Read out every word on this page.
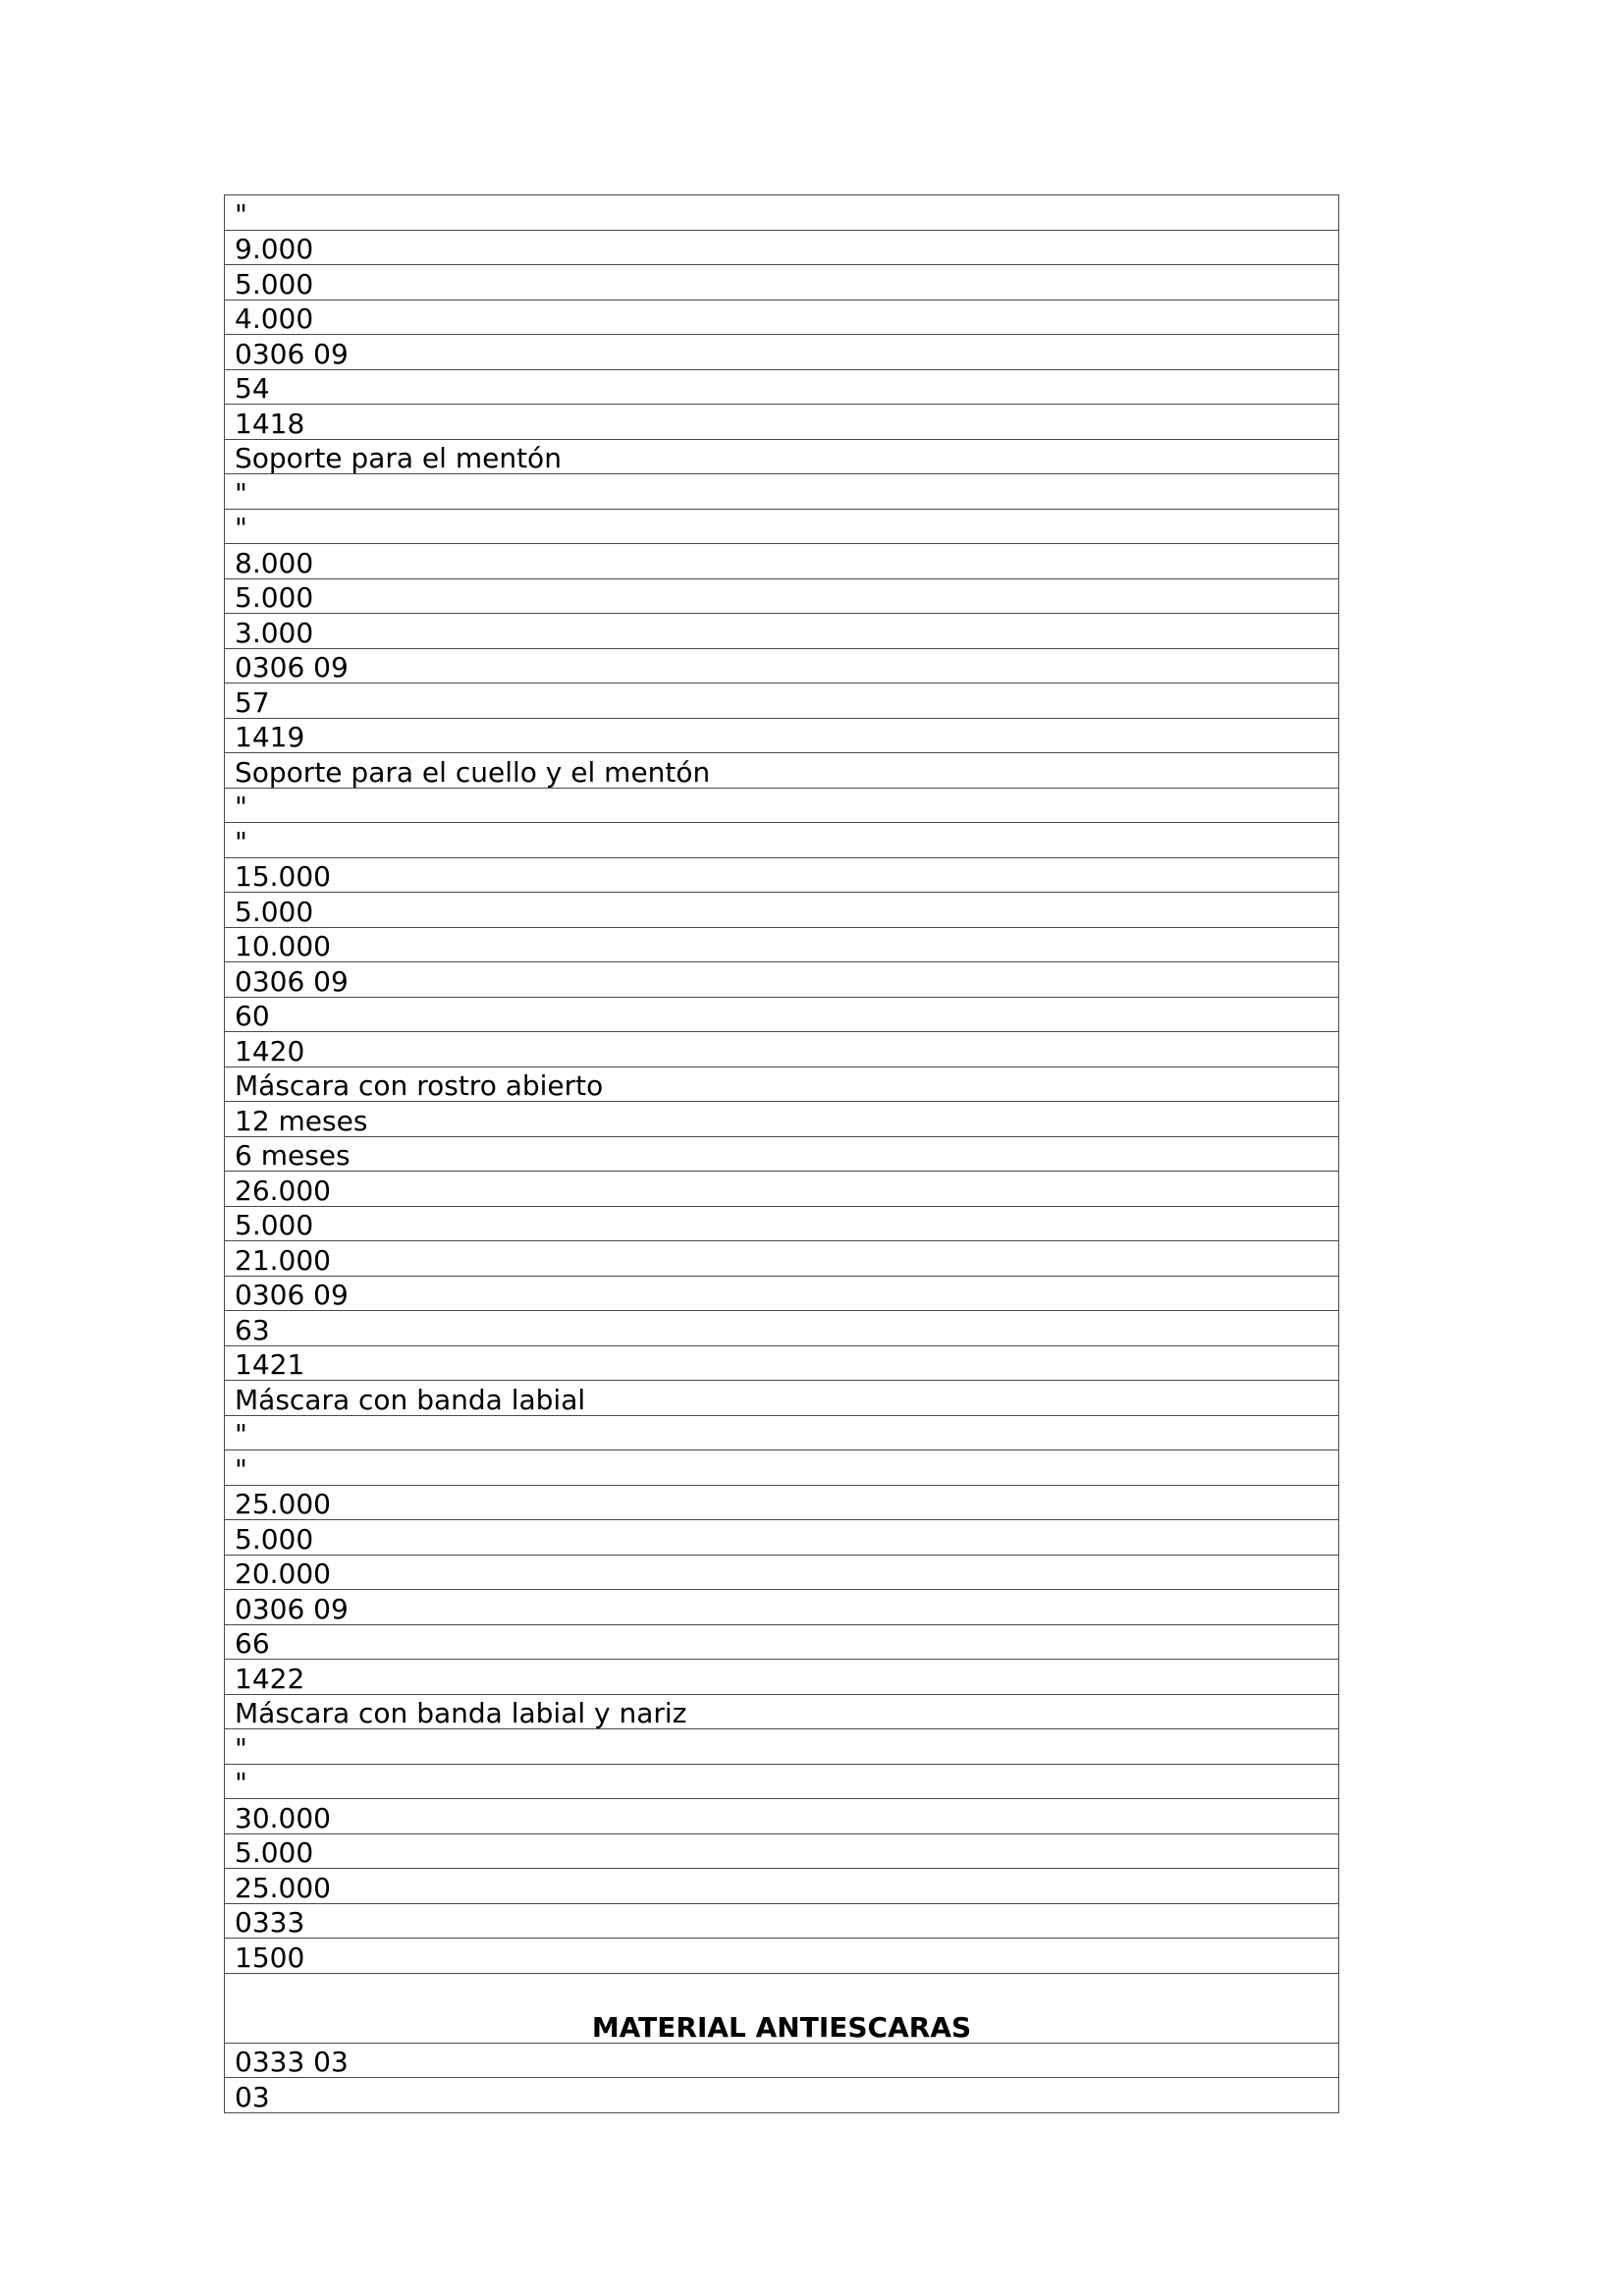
"
9.000
5.000
4.000
0306 09
54
1418
Soporte para el mentón
"
"
8.000
5.000
3.000
0306 09
57
1419
Soporte para el cuello y el mentón
"
"
15.000
5.000
10.000
0306 09
60
1420
Máscara con rostro abierto
12 meses
6 meses
26.000
5.000
21.000
0306 09
63
1421
Máscara con banda labial
"
"
25.000
5.000
20.000
0306 09
66
1422
Máscara con banda labial y nariz
"
"
30.000
5.000
25.000
0333
1500
MATERIAL ANTIESCARAS
0333 03
03
